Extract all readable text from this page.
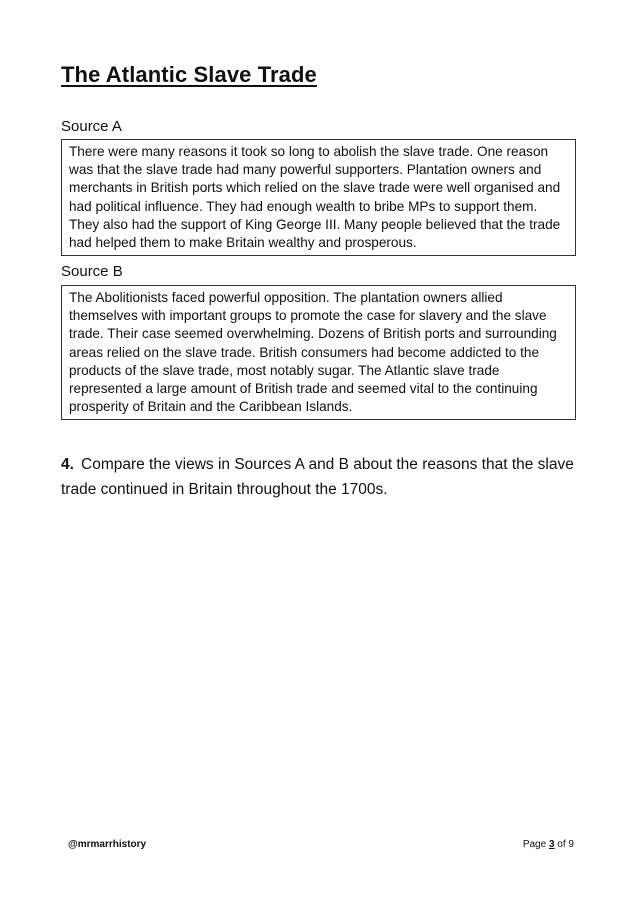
The Atlantic Slave Trade
Source A
There were many reasons it took so long to abolish the slave trade. One reason was that the slave trade had many powerful supporters. Plantation owners and merchants in British ports which relied on the slave trade were well organised and had political influence. They had enough wealth to bribe MPs to support them. They also had the support of King George III. Many people believed that the trade had helped them to make Britain wealthy and prosperous.
Source B
The Abolitionists faced powerful opposition. The plantation owners allied themselves with important groups to promote the case for slavery and the slave trade. Their case seemed overwhelming. Dozens of British ports and surrounding areas relied on the slave trade. British consumers had become addicted to the products of the slave trade, most notably sugar. The Atlantic slave trade represented a large amount of British trade and seemed vital to the continuing prosperity of Britain and the Caribbean Islands.
4. Compare the views in Sources A and B about the reasons that the slave trade continued in Britain throughout the 1700s.
@mrmarrhistory	Page 3 of 9
